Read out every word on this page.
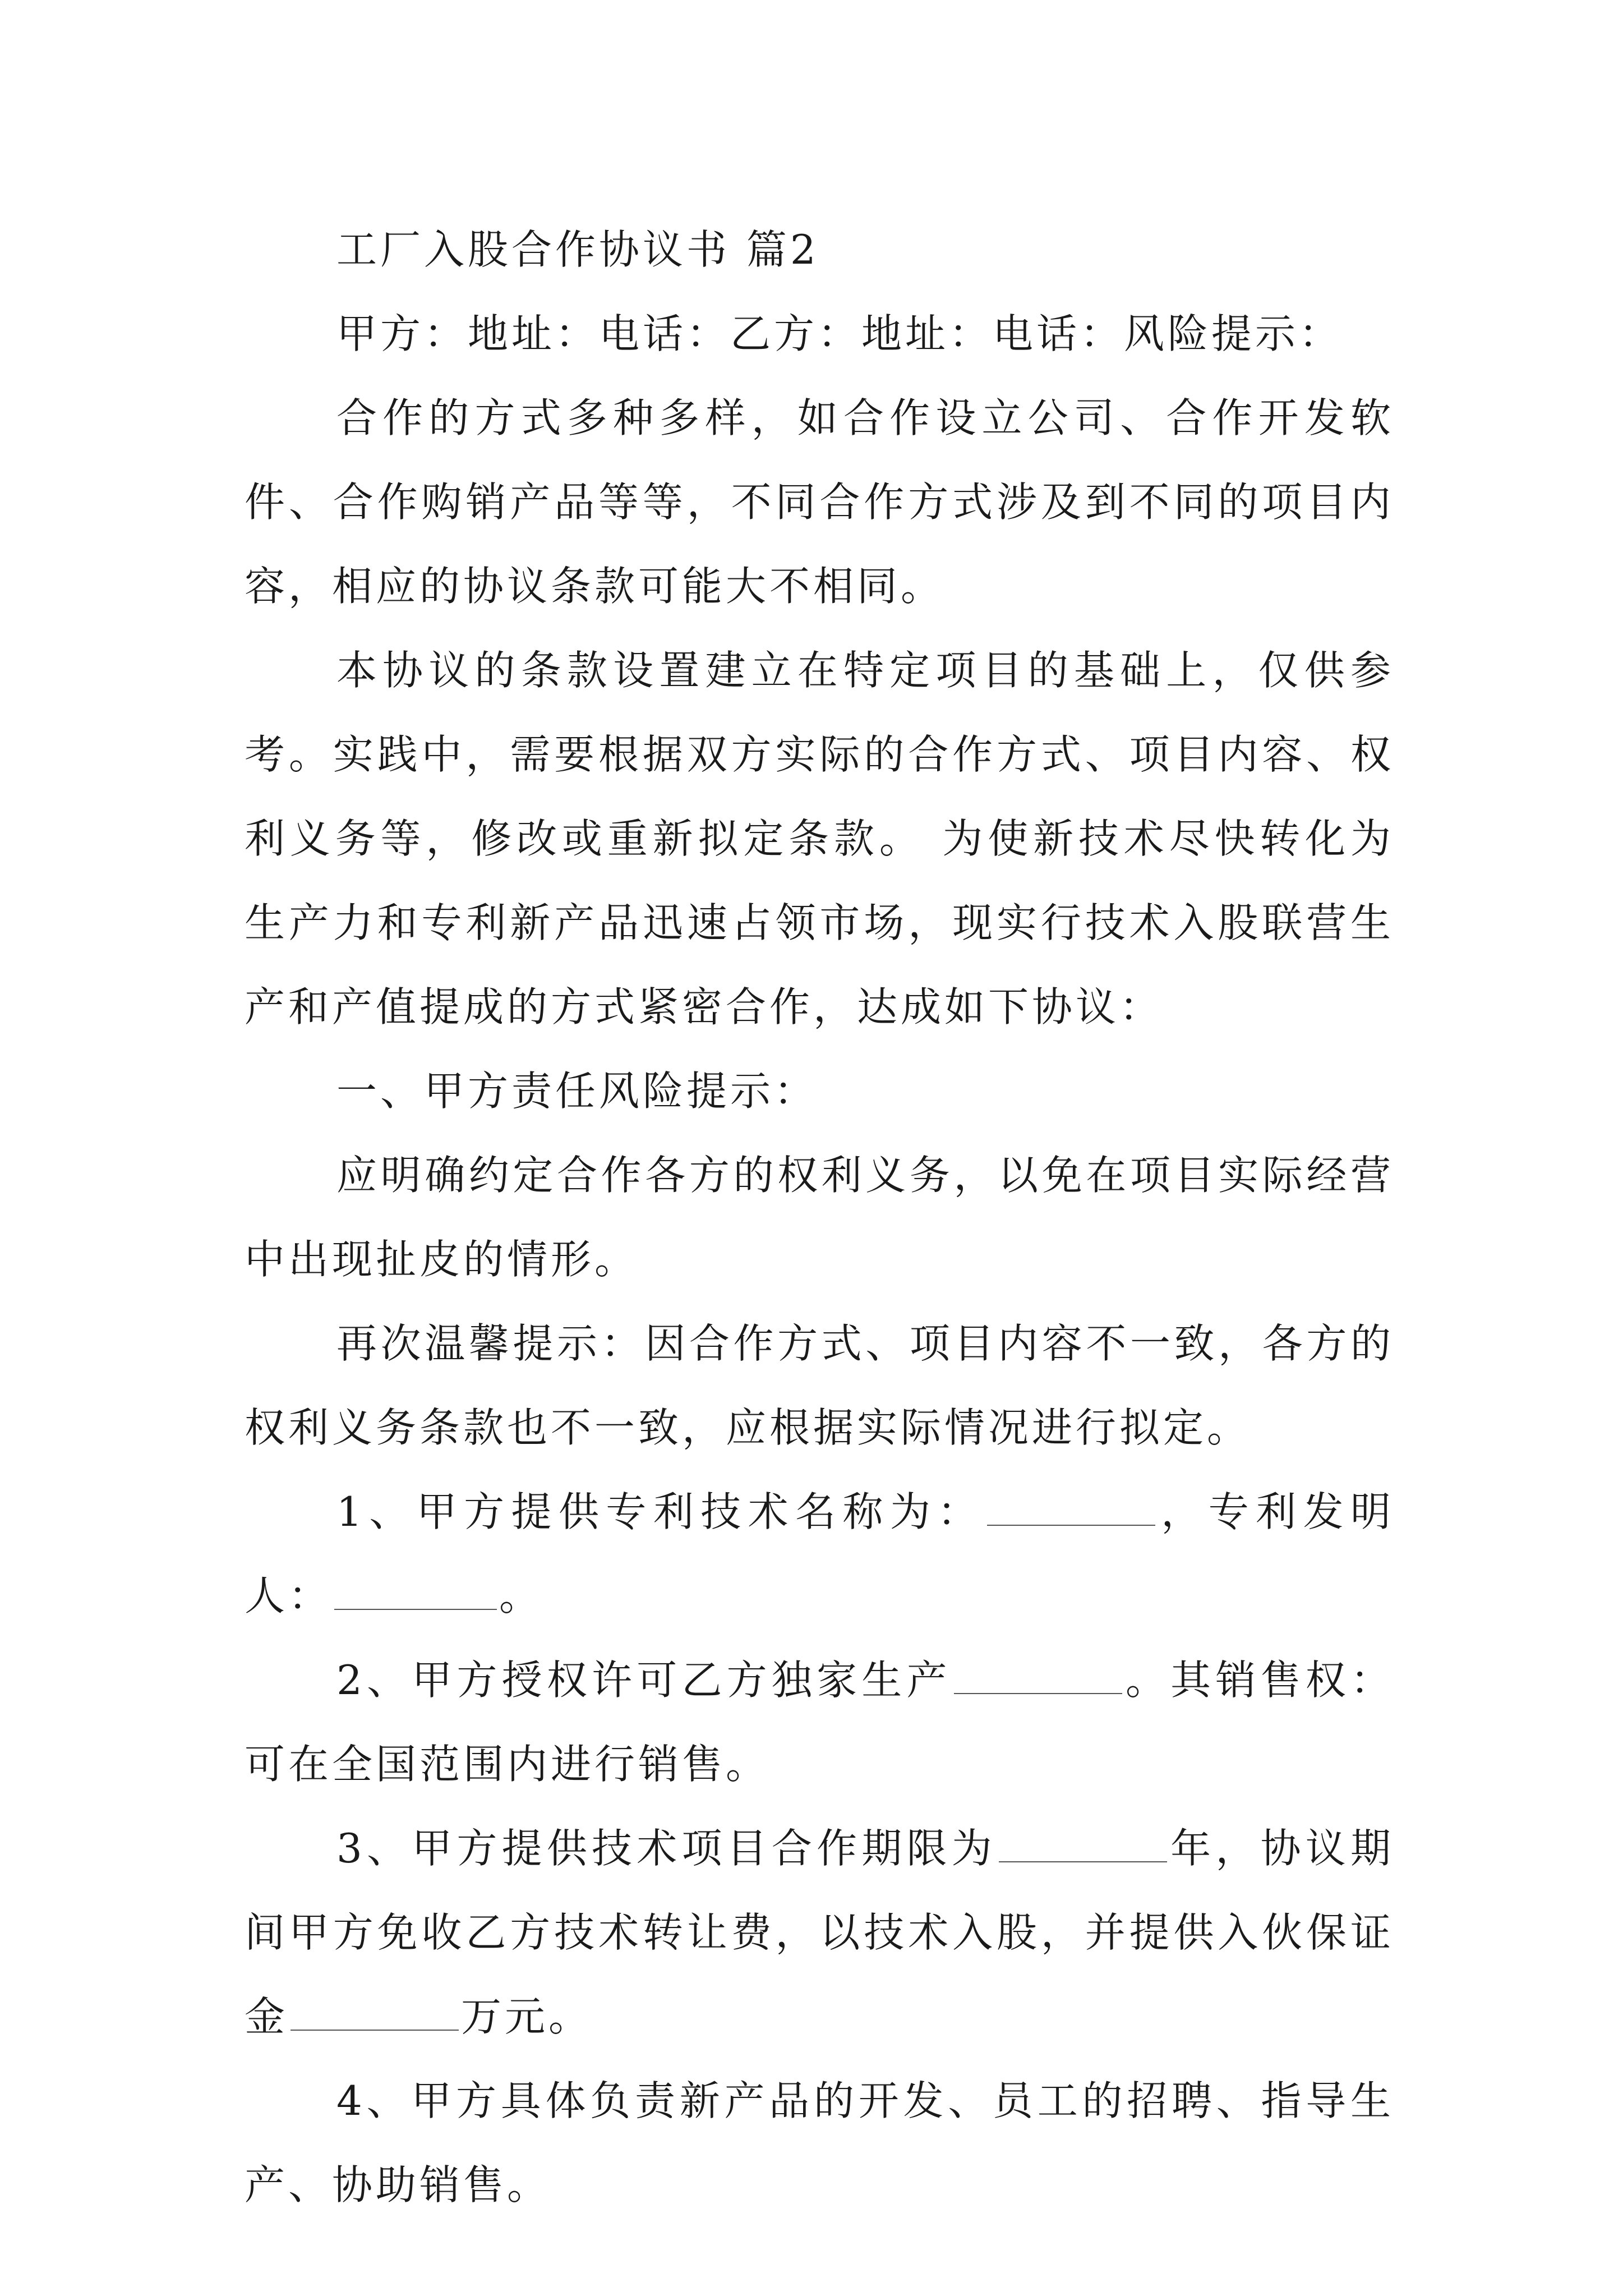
工厂入股合作协议书 篇2

甲方：地址：电话：乙方：地址：电话：风险提示：

合作的方式多种多样，如合作设立公司、合作开发软件、合作购销产品等等，不同合作方式涉及到不同的项目内容，相应的协议条款可能大不相同。

本协议的条款设置建立在特定项目的基础上，仅供参考。实践中，需要根据双方实际的合作方式、项目内容、权利义务等，修改或重新拟定条款。 为使新技术尽快转化为生产力和专利新产品迅速占领市场，现实行技术入股联营生产和产值提成的方式紧密合作，达成如下协议：

一、甲方责任风险提示：

应明确约定合作各方的权利义务，以免在项目实际经营中出现扯皮的情形。

再次温馨提示：因合作方式、项目内容不一致，各方的权利义务条款也不一致，应根据实际情况进行拟定。

1、甲方提供专利技术名称为：	，专利发明人：	。

2、甲方授权许可乙方独家生产	。其销售权：可在全国范围内进行销售。

3、甲方提供技术项目合作期限为	年，协议期间甲方免收乙方技术转让费，以技术入股，并提供入伙保证金	万元。

4、甲方具体负责新产品的开发、员工的招聘、指导生产、协助销售。
